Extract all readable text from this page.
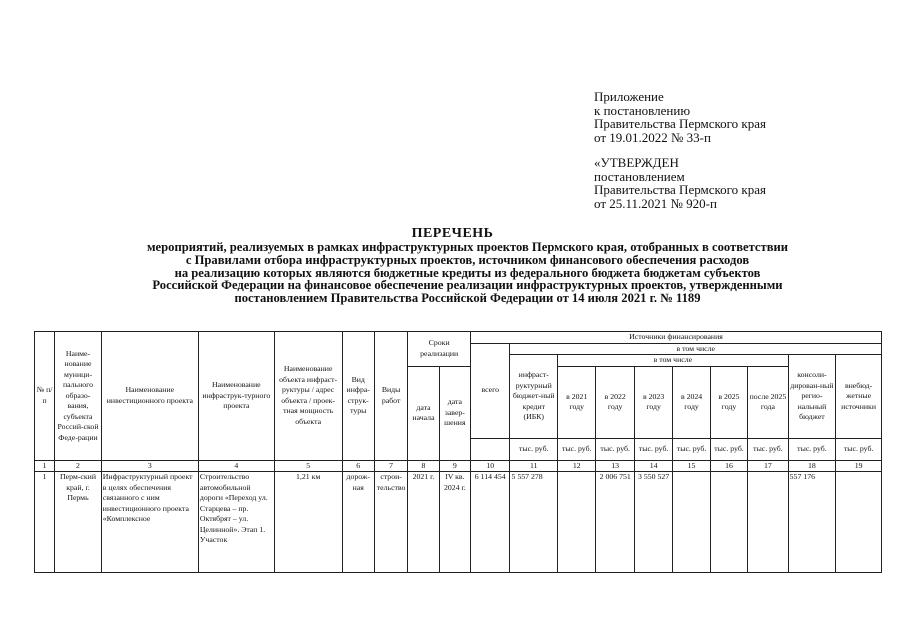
Приложение
к постановлению
Правительства Пермского края
от 19.01.2022 № 33-п
«УТВЕРЖДЕН
постановлением
Правительства Пермского края
от 25.11.2021 № 920-п
ПЕРЕЧЕНЬ
мероприятий, реализуемых в рамках инфраструктурных проектов Пермского края, отобранных в соответствии
с Правилами отбора инфраструктурных проектов, источником финансового обеспечения расходов
на реализацию которых являются бюджетные кредиты из федерального бюджета бюджетам субъектов
Российской Федерации на финансовое обеспечение реализации инфраструктурных проектов, утвержденными
постановлением Правительства Российской Федерации от 14 июля 2021 г. № 1189
№ п/п	Наиме-нование муници-пального образо-вания, субъекта Россий-ской Феде-рации	Наименование инвестиционного проекта	Наименование инфраструк-турного проекта	Наименование объекта инфраст-руктуры / адрес объекта / проек-тная мощность объекта	Вид инфра-струк-туры	Виды работ	Сроки реализации		Источники финансирования									
									всего	в том числе								
										инфраст-руктурный бюджет-ный кредит (ИБК)	в том числе						консоли-дирован-ный регио-нальный бюджет	внебюд-жетные источники
							дата начала	дата завер-шения			в 2021 году	в 2022 году	в 2023 году	в 2024 году	в 2025 году	после 2025 года		
										тыс. руб.	тыс. руб.	тыс. руб.	тыс. руб.	тыс. руб.	тыс. руб.	тыс. руб.	тыс. руб.	тыс. руб.
1	2	3	4	5	6	7	8	9	10	11	12	13	14	15	16	17	18	19
1	Перм-ский край, г. Пермь	Инфраструктурный проект в целях обеспечения связанного с ним инвестиционного проекта «Комплексное	Строительство автомобильной дороги «Переход ул. Старцева – пр. Октябрят – ул. Целинной». Этап 1. Участок	1,21 км	дорож-ная	строи-тельство	2021 г.	IV кв. 2024 г.	6 114 454	5 557 278		2 006 751	3 550 527				557 176	
